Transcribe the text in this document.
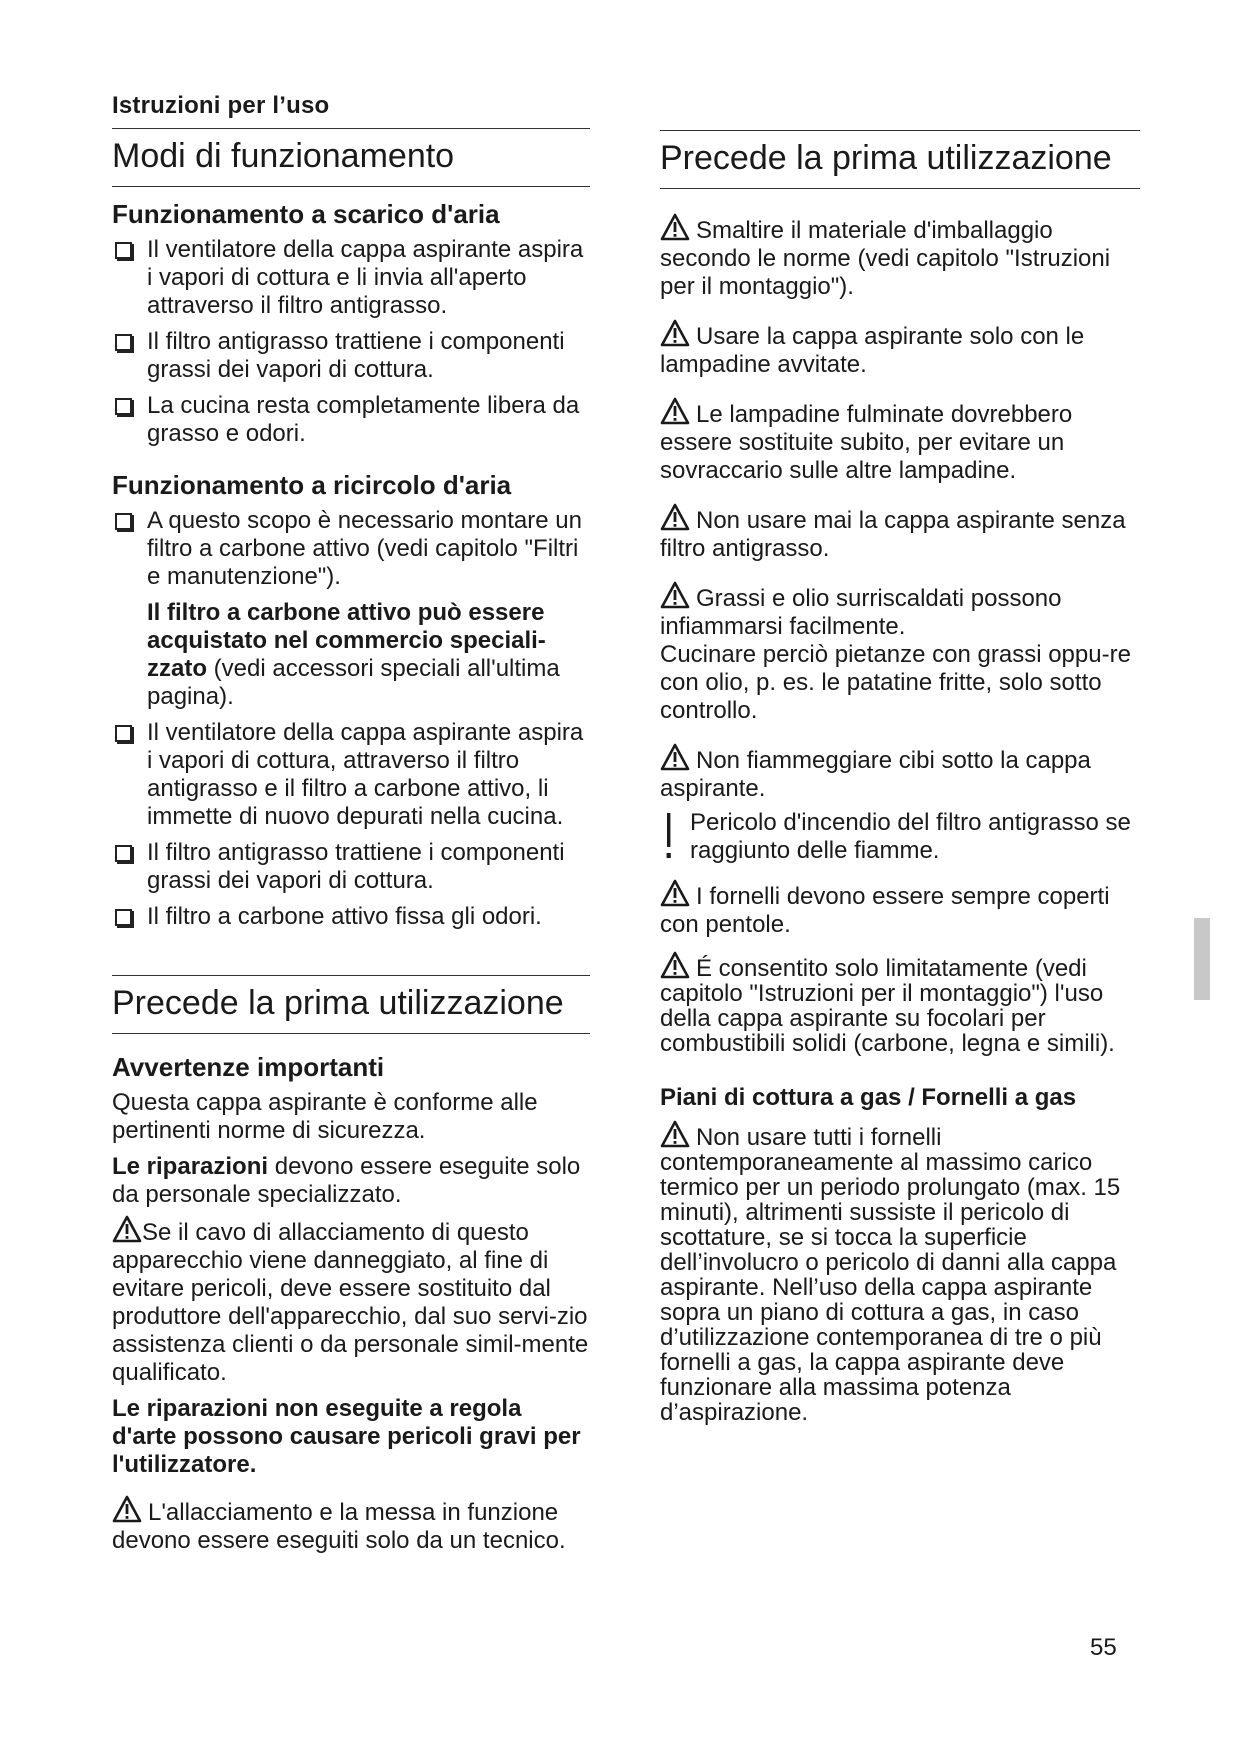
Istruzioni per l’uso
Modi di funzionamento
Funzionamento a scarico d'aria
Il ventilatore della cappa aspirante aspira i vapori di cottura e li invia all'aperto attraverso il filtro antigrasso.
Il filtro antigrasso trattiene i componenti grassi dei vapori di cottura.
La cucina resta completamente libera da grasso e odori.
Funzionamento a ricircolo d'aria
A questo scopo è necessario montare un filtro a carbone attivo (vedi capitolo "Filtri e manutenzione").
Il filtro a carbone attivo può essere acquistato nel commercio speciali-zzato (vedi accessori speciali all'ultima pagina).
Il ventilatore della cappa aspirante aspira i vapori di cottura, attraverso il filtro antigrasso e il filtro a carbone attivo, li immette di nuovo depurati nella cucina.
Il filtro antigrasso trattiene i componenti grassi dei vapori di cottura.
Il filtro a carbone attivo fissa gli odori.
Precede la prima utilizzazione
Avvertenze importanti

Questa cappa aspirante è conforme alle pertinenti norme di sicurezza.

Le riparazioni devono essere eseguite solo da personale specializzato.

Se il cavo di allacciamento di questo apparecchio viene danneggiato, al fine di evitare pericoli, deve essere sostituito dal produttore dell'apparecchio, dal suo servi-zio assistenza clienti o da personale simil-mente qualificato.

Le riparazioni non eseguite a regola d'arte possono causare pericoli gravi per l'utilizzatore.

L'allacciamento e la messa in funzione devono essere eseguiti solo da un tecnico.

Precede la prima utilizzazione
Smaltire il materiale d'imballaggio secondo le norme (vedi capitolo "Istruzioni per il montaggio").
Usare la cappa aspirante solo con le lampadine avvitate.
Le lampadine fulminate dovrebbero essere sostituite subito, per evitare un sovraccario sulle altre lampadine.
Non usare mai la cappa aspirante senza filtro antigrasso.
Grassi e olio surriscaldati possono infiammarsi facilmente.
Cucinare perciò pietanze con grassi oppu-re con olio, p. es. le patatine fritte, solo sotto controllo.
Non fiammeggiare cibi sotto la cappa aspirante.
Pericolo d'incendio del filtro antigrasso se raggiunto delle fiamme.
I fornelli devono essere sempre coperti con pentole.
É consentito solo limitatamente (vedi capitolo "Istruzioni per il montaggio") l'uso della cappa aspirante su focolari per combustibili solidi (carbone, legna e simili).
Piani di cottura a gas / Fornelli a gas
Non usare tutti i fornelli contemporaneamente al massimo carico termico per un periodo prolungato (max. 15 minuti), altrimenti sussiste il pericolo di scottature, se si tocca la superficie dell’involucro o pericolo di danni alla cappa aspirante. Nell’uso della cappa aspirante sopra un piano di cottura a gas, in caso d’utilizzazione contemporanea di tre o più fornelli a gas, la cappa aspirante deve funzionare alla massima potenza d’aspirazione.
55
